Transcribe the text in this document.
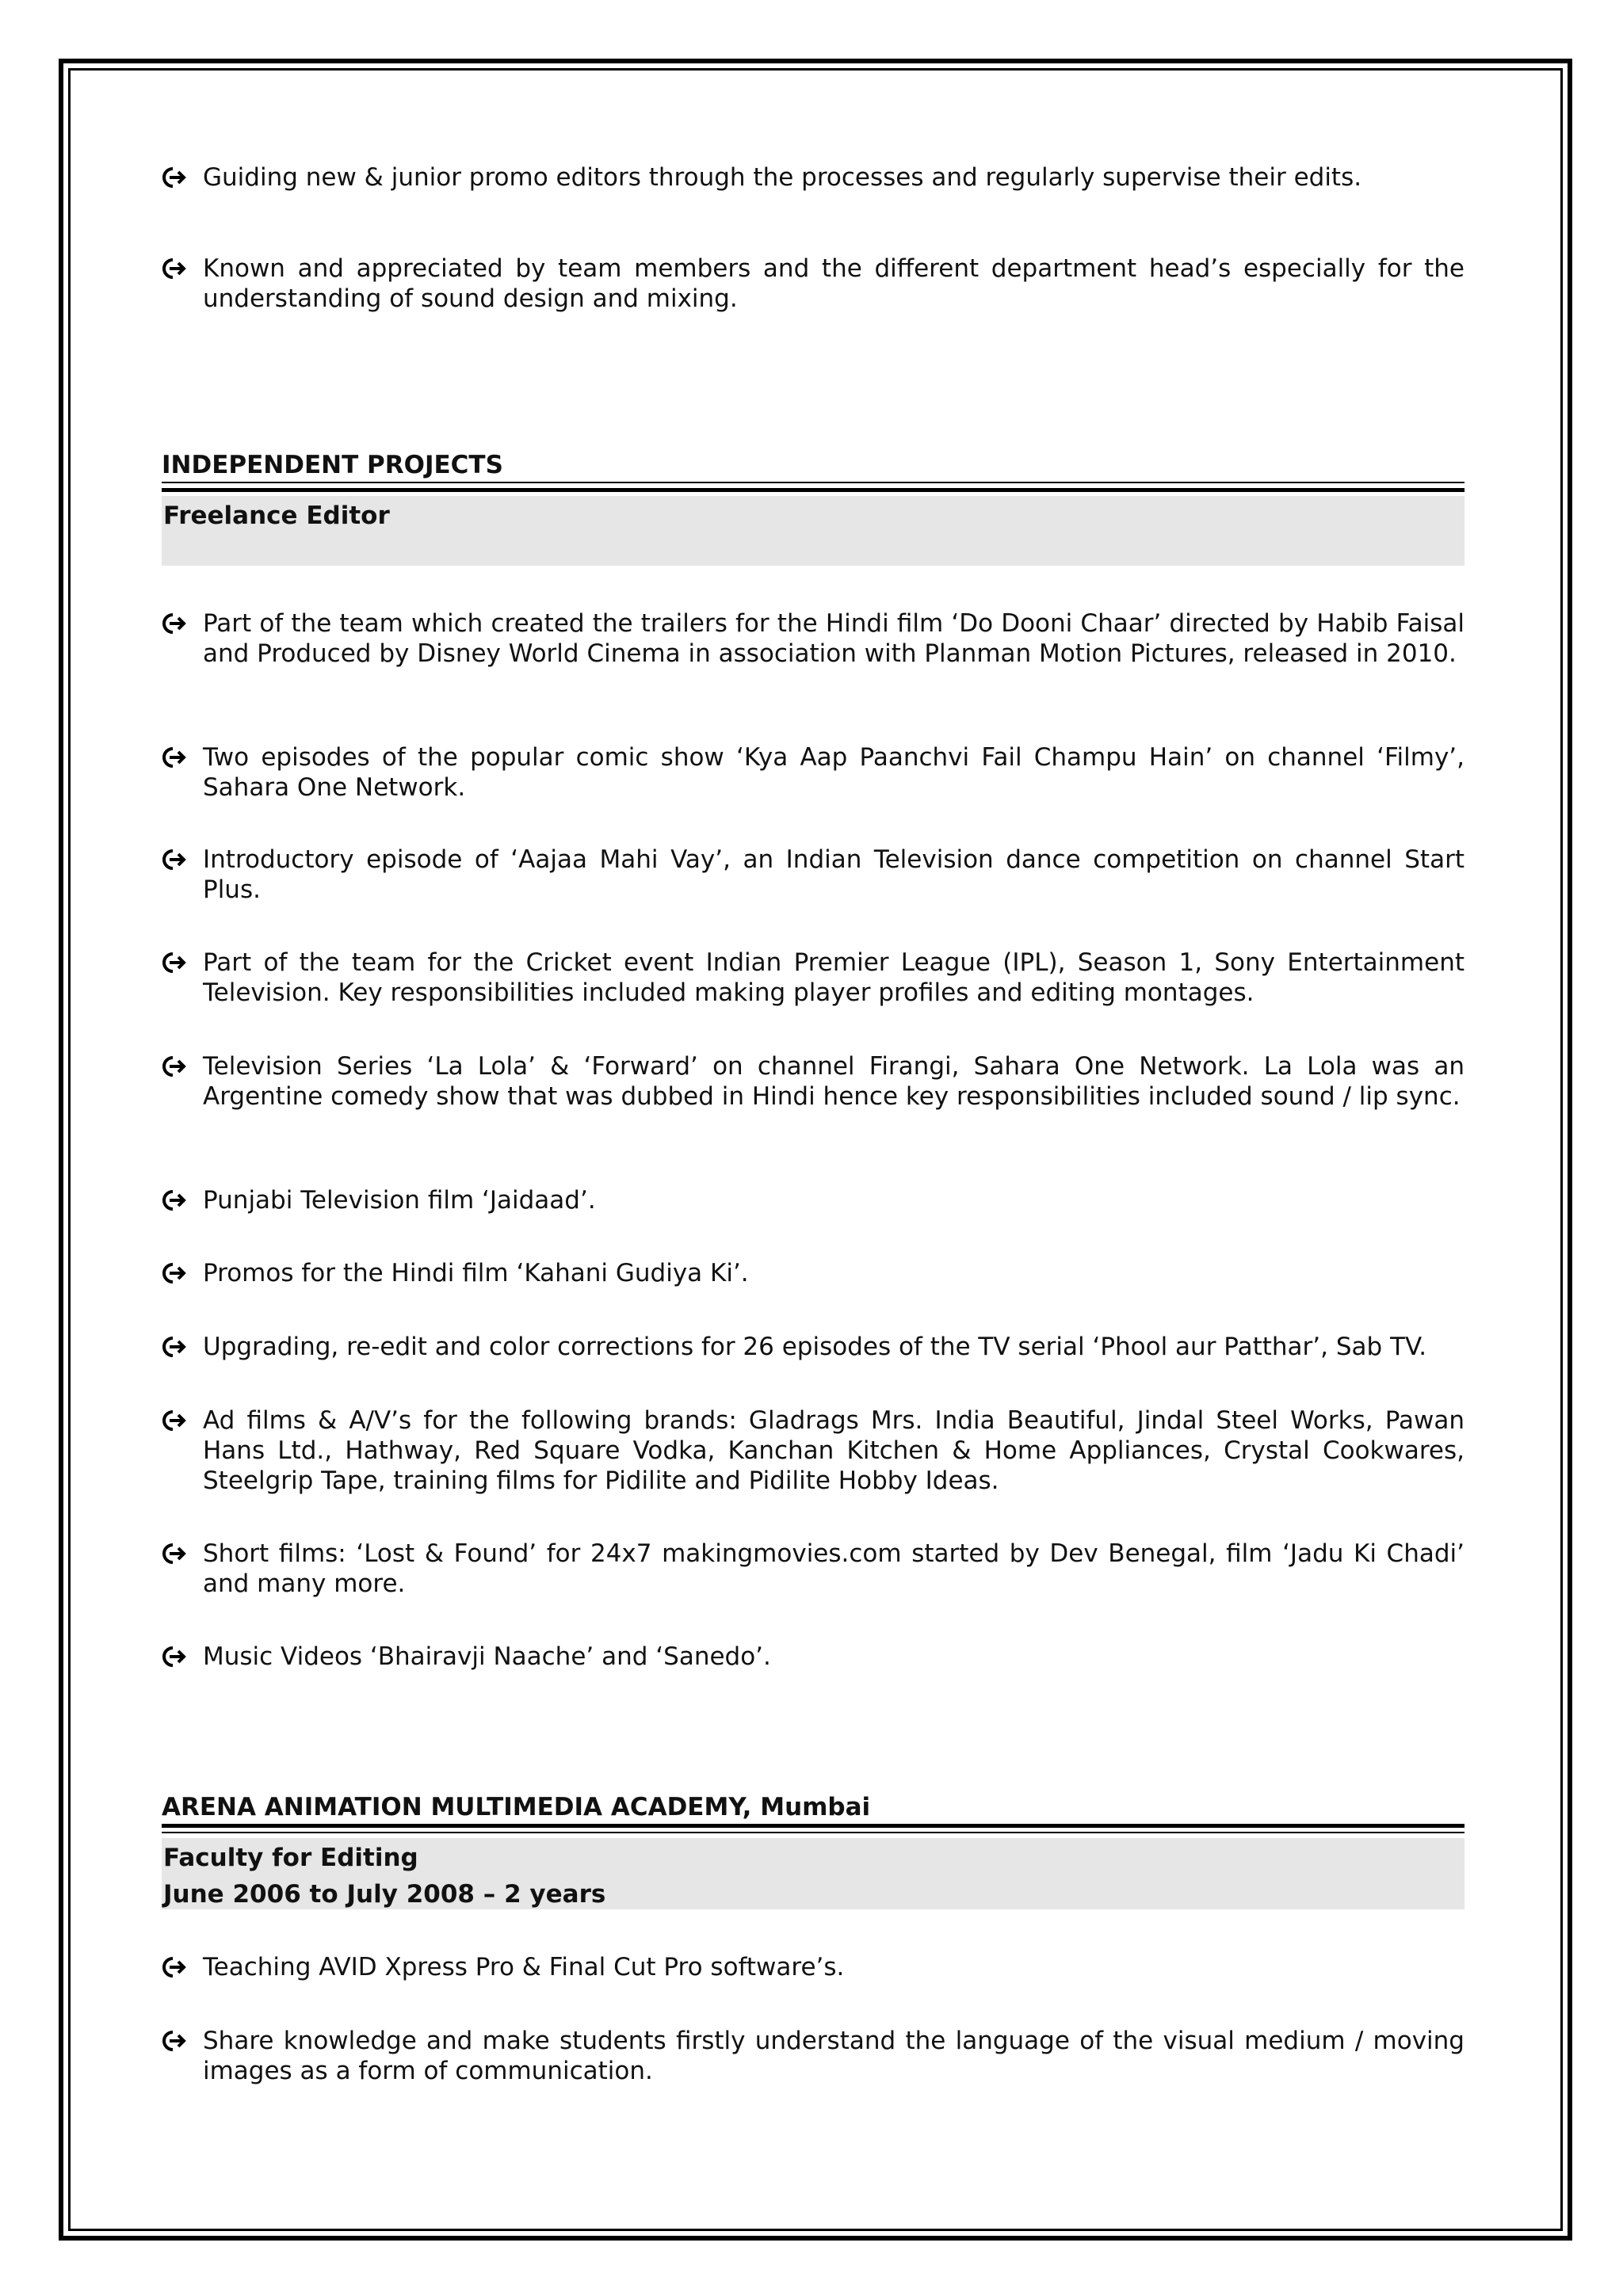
Guiding new & junior promo editors through the processes and regularly supervise their edits.
Known and appreciated by team members and the different department head’s especially for the understanding of sound design and mixing.
INDEPENDENT PROJECTS
Freelance Editor
Part of the team which created the trailers for the Hindi film ‘Do Dooni Chaar’ directed by Habib Faisal and Produced by Disney World Cinema in association with Planman Motion Pictures, released in 2010.
Two episodes of the popular comic show ‘Kya Aap Paanchvi Fail Champu Hain’ on channel ‘Filmy’, Sahara One Network.
Introductory episode of ‘Aajaa Mahi Vay’, an Indian Television dance competition on channel Start Plus.
Part of the team for the Cricket event Indian Premier League (IPL), Season 1, Sony Entertainment Television. Key responsibilities included making player profiles and editing montages.
Television Series ‘La Lola’ & ‘Forward’ on channel Firangi, Sahara One Network. La Lola was an Argentine comedy show that was dubbed in Hindi hence key responsibilities included sound / lip sync.
Punjabi Television film ‘Jaidaad’.
Promos for the Hindi film ‘Kahani Gudiya Ki’.
Upgrading, re-edit and color corrections for 26 episodes of the TV serial ‘Phool aur Patthar’, Sab TV.
Ad films & A/V’s for the following brands: Gladrags Mrs. India Beautiful, Jindal Steel Works, Pawan Hans Ltd., Hathway, Red Square Vodka, Kanchan Kitchen & Home Appliances, Crystal Cookwares, Steelgrip Tape, training films for Pidilite and Pidilite Hobby Ideas.
Short films: ‘Lost & Found’ for 24x7 makingmovies.com started by Dev Benegal, film ‘Jadu Ki Chadi’ and many more.
Music Videos ‘Bhairavji Naache’ and ‘Sanedo’.
ARENA ANIMATION MULTIMEDIA ACADEMY, Mumbai
Faculty for Editing
June 2006 to July 2008 – 2 years
Teaching AVID Xpress Pro & Final Cut Pro software’s.
Share knowledge and make students firstly understand the language of the visual medium / moving images as a form of communication.
